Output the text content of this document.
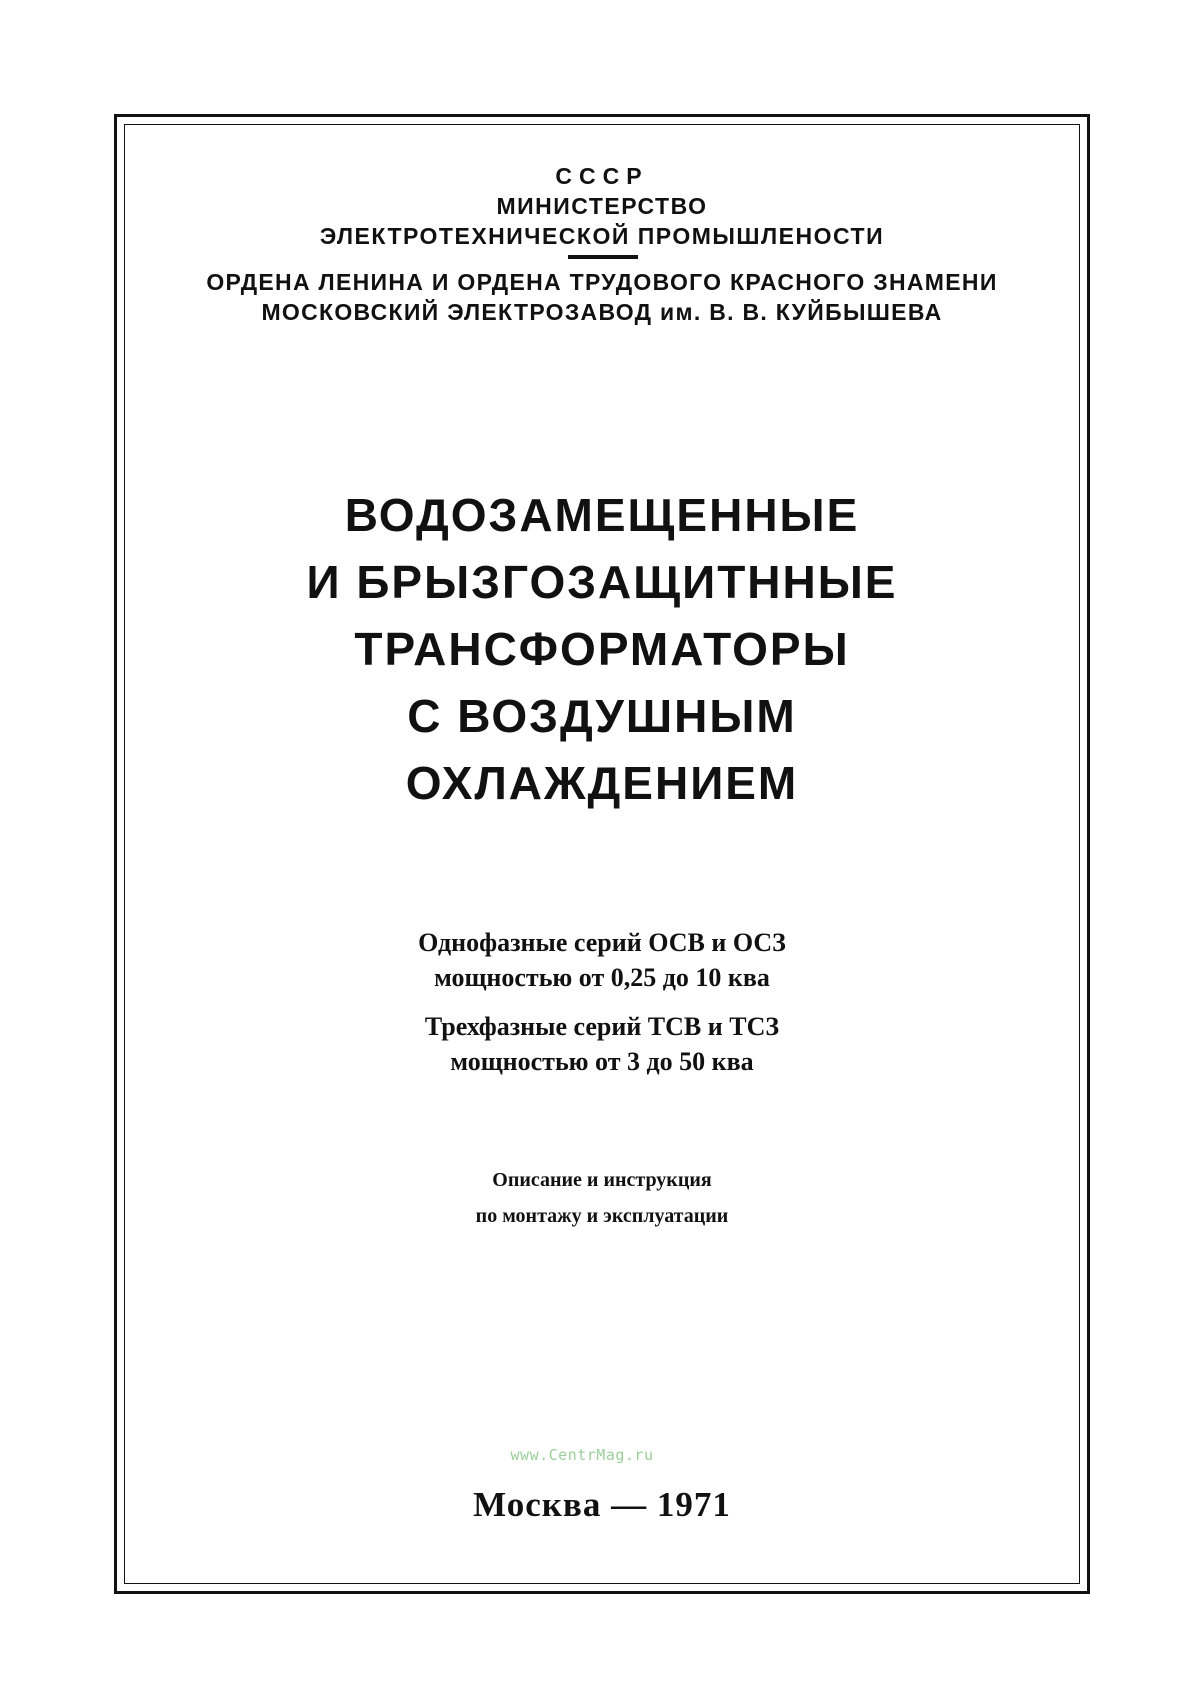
СССР
МИНИСТЕРСТВО
ЭЛЕКТРОТЕХНИЧЕСКОЙ ПРОМЫШЛЕНОСТИ
ОРДЕНА ЛЕНИНА И ОРДЕНА ТРУДОВОГО КРАСНОГО ЗНАМЕНИ
МОСКОВСКИЙ ЭЛЕКТРОЗАВОД им. В. В. КУЙБЫШЕВА
ВОДОЗАМЕЩЕННЫЕ
И БРЫЗГОЗАЩИТННЫЕ
ТРАНСФОРМАТОРЫ
С ВОЗДУШНЫМ
ОХЛАЖДЕНИЕМ
Однофазные серий ОСВ и ОСЗ
мощностью от 0,25 до 10 ква
Трехфазные серий ТСВ и ТСЗ
мощностью от 3 до 50 ква
Описание и инструкция
по монтажу и эксплуатации
www.CentrMag.ru
Москва — 1971
